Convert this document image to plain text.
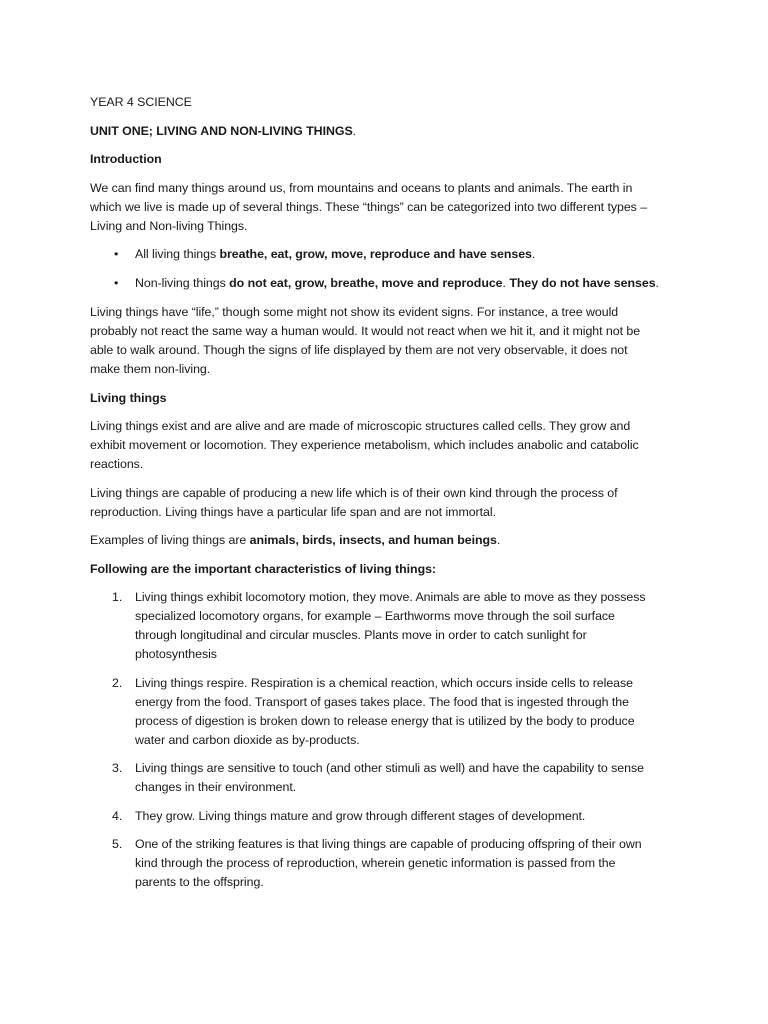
YEAR 4 SCIENCE

UNIT ONE; LIVING AND NON-LIVING THINGS.

Introduction

We can find many things around us, from mountains and oceans to plants and animals. The earth in
which we live is made up of several things. These “things” can be categorized into two different types –
Living and Non-living Things.

• All living things breathe, eat, grow, move, reproduce and have senses.
• Non-living things do not eat, grow, breathe, move and reproduce. They do not have senses.

Living things have “life,” though some might not show its evident signs. For instance, a tree would
probably not react the same way a human would. It would not react when we hit it, and it might not be
able to walk around. Though the signs of life displayed by them are not very observable, it does not
make them non-living.

Living things

Living things exist and are alive and are made of microscopic structures called cells. They grow and
exhibit movement or locomotion. They experience metabolism, which includes anabolic and catabolic
reactions.

Living things are capable of producing a new life which is of their own kind through the process of
reproduction. Living things have a particular life span and are not immortal.

Examples of living things are animals, birds, insects, and human beings.

Following are the important characteristics of living things:

1. Living things exhibit locomotory motion, they move. Animals are able to move as they possess
specialized locomotory organs, for example – Earthworms move through the soil surface
through longitudinal and circular muscles. Plants move in order to catch sunlight for
photosynthesis
2. Living things respire. Respiration is a chemical reaction, which occurs inside cells to release
energy from the food. Transport of gases takes place. The food that is ingested through the
process of digestion is broken down to release energy that is utilized by the body to produce
water and carbon dioxide as by-products.
3. Living things are sensitive to touch (and other stimuli as well) and have the capability to sense
changes in their environment.
4. They grow. Living things mature and grow through different stages of development.
5. One of the striking features is that living things are capable of producing offspring of their own
kind through the process of reproduction, wherein genetic information is passed from the
parents to the offspring.
